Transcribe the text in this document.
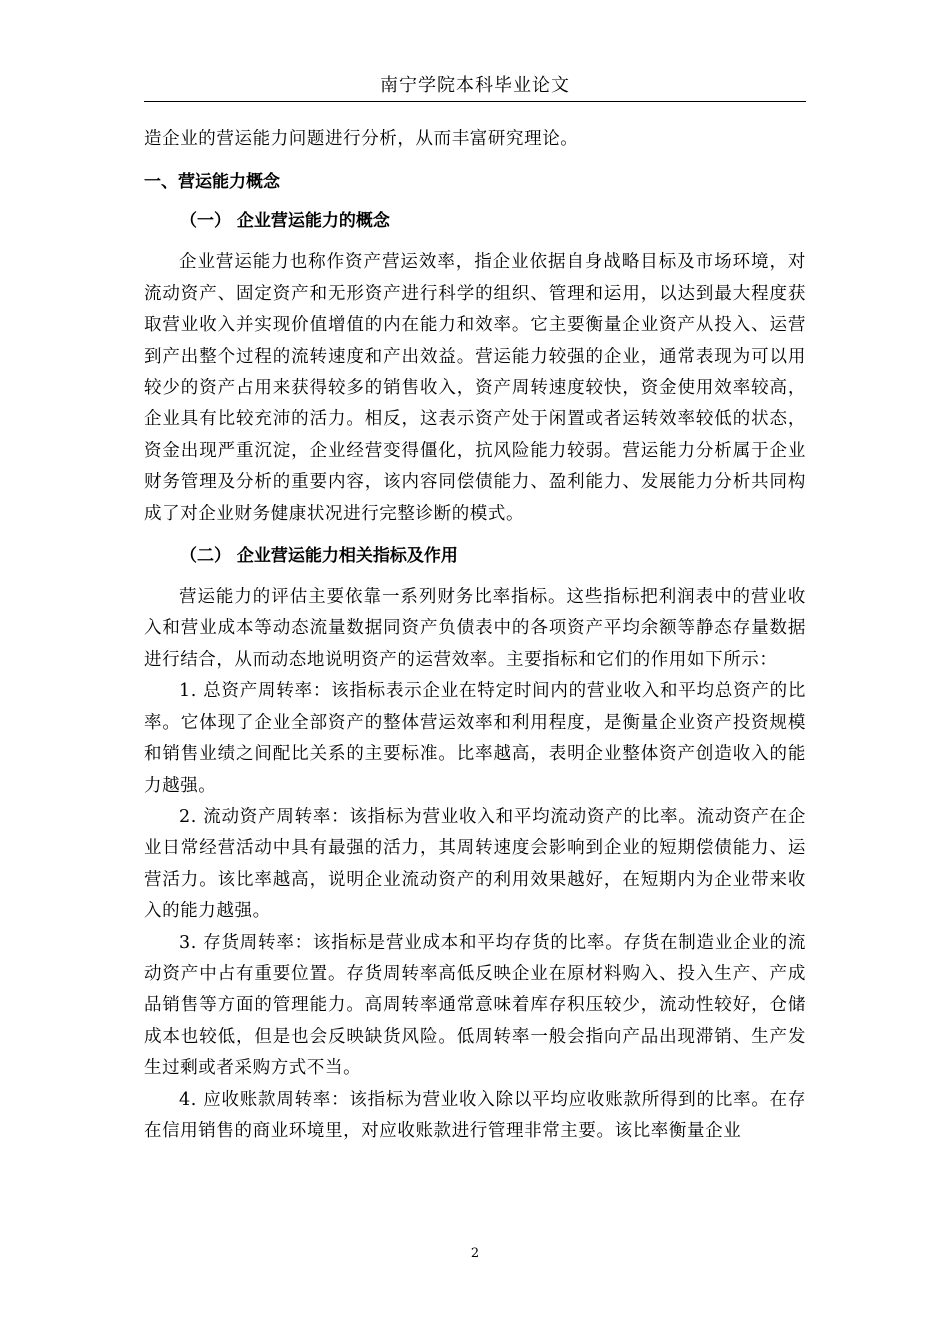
南宁学院本科毕业论文

造企业的营运能力问题进行分析，从而丰富研究理论。

一、营运能力概念
（一） 企业营运能力的概念

企业营运能力也称作资产营运效率，指企业依据自身战略目标及市场环境，对流动资产、固定资产和无形资产进行科学的组织、管理和运用，以达到最大程度获取营业收入并实现价值增值的内在能力和效率。它主要衡量企业资产从投入、运营到产出整个过程的流转速度和产出效益。营运能力较强的企业，通常表现为可以用较少的资产占用来获得较多的销售收入，资产周转速度较快，资金使用效率较高，企业具有比较充沛的活力。相反，这表示资产处于闲置或者运转效率较低的状态，资金出现严重沉淀，企业经营变得僵化，抗风险能力较弱。营运能力分析属于企业财务管理及分析的重要内容，该内容同偿债能力、盈利能力、发展能力分析共同构成了对企业财务健康状况进行完整诊断的模式。

（二） 企业营运能力相关指标及作用

营运能力的评估主要依靠一系列财务比率指标。这些指标把利润表中的营业收入和营业成本等动态流量数据同资产负债表中的各项资产平均余额等静态存量数据进行结合，从而动态地说明资产的运营效率。主要指标和它们的作用如下所示：

1. 总资产周转率：该指标表示企业在特定时间内的营业收入和平均总资产的比率。它体现了企业全部资产的整体营运效率和利用程度，是衡量企业资产投资规模和销售业绩之间配比关系的主要标准。比率越高，表明企业整体资产创造收入的能力越强。

2. 流动资产周转率：该指标为营业收入和平均流动资产的比率。流动资产在企业日常经营活动中具有最强的活力，其周转速度会影响到企业的短期偿债能力、运营活力。该比率越高，说明企业流动资产的利用效果越好，在短期内为企业带来收入的能力越强。

3. 存货周转率：该指标是营业成本和平均存货的比率。存货在制造业企业的流动资产中占有重要位置。存货周转率高低反映企业在原材料购入、投入生产、产成品销售等方面的管理能力。高周转率通常意味着库存积压较少，流动性较好，仓储成本也较低，但是也会反映缺货风险。低周转率一般会指向产品出现滞销、生产发生过剩或者采购方式不当。

4. 应收账款周转率：该指标为营业收入除以平均应收账款所得到的比率。在存在信用销售的商业环境里，对应收账款进行管理非常主要。该比率衡量企业

2
